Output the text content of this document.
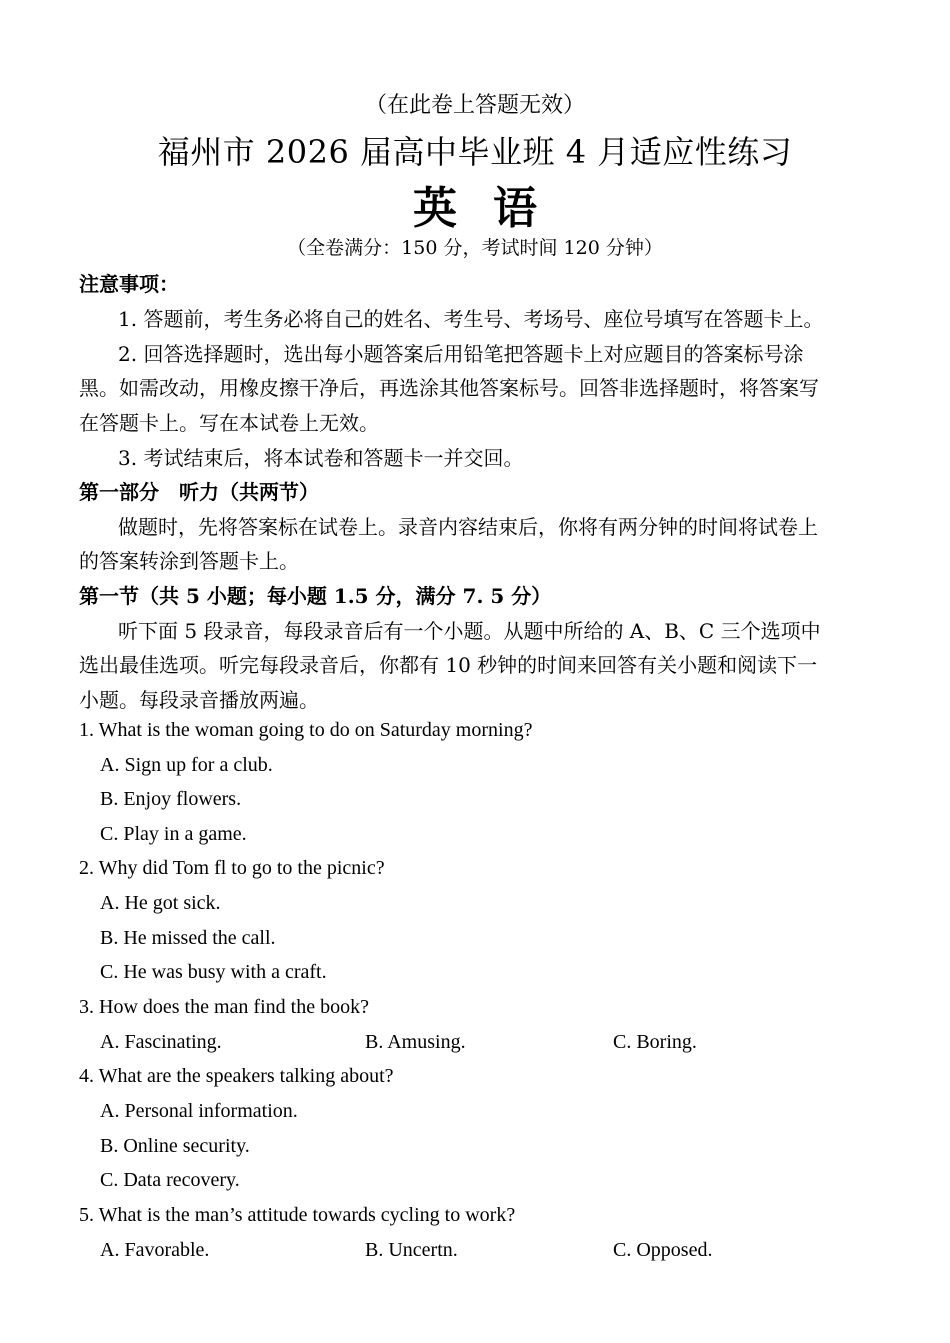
（在此卷上答题无效）
福州市 2026 届高中毕业班 4 月适应性练习
英语
（全卷满分：150 分，考试时间 120 分钟）
注意事项：
1. 答题前，考生务必将自己的姓名、考生号、考场号、座位号填写在答题卡上。
2. 回答选择题时，选出每小题答案后用铅笔把答题卡上对应题目的答案标号涂
黑。如需改动，用橡皮擦干净后，再选涂其他答案标号。回答非选择题时，将答案写
在答题卡上。写在本试卷上无效。
3. 考试结束后，将本试卷和答题卡一并交回。
第一部分　听力（共两节）
做题时，先将答案标在试卷上。录音内容结束后，你将有两分钟的时间将试卷上
的答案转涂到答题卡上。
第一节（共 5 小题；每小题 1.5 分，满分 7. 5 分）
听下面 5 段录音，每段录音后有一个小题。从题中所给的 A、B、C 三个选项中
选出最佳选项。听完每段录音后，你都有 10 秒钟的时间来回答有关小题和阅读下一
小题。每段录音播放两遍。
1. What is the woman going to do on Saturday morning?
A. Sign up for a club.
B. Enjoy flowers.
C. Play in a game.
2. Why did Tom fl to go to the picnic?
A. He got sick.
B. He missed the call.
C. He was busy with a craft.
3. How does the man find the book?
A. Fascinating.	B. Amusing.	C. Boring.
4. What are the speakers talking about?
A. Personal information.
B. Online security.
C. Data recovery.
5. What is the man’s attitude towards cycling to work?
A. Favorable.	B. Uncertn.	C. Opposed.
